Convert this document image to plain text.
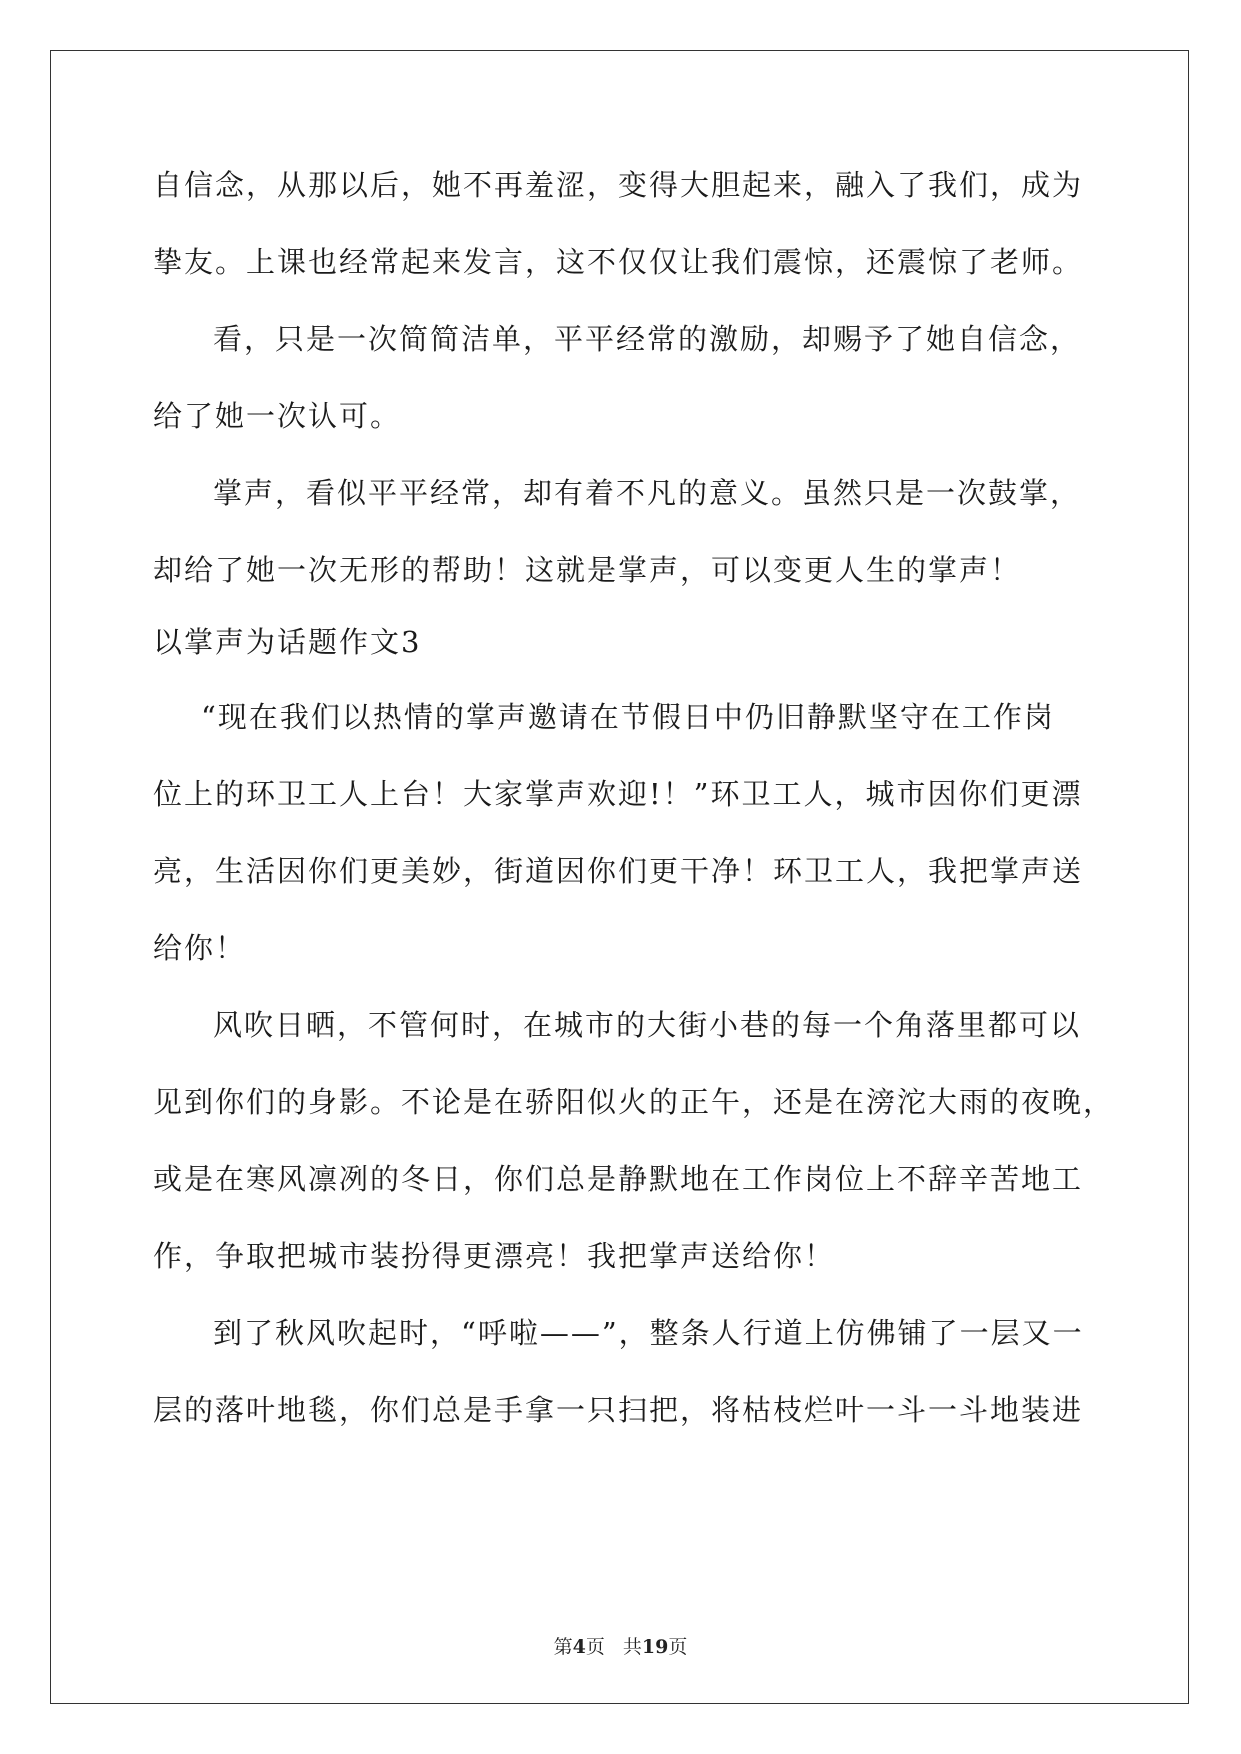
自信念，从那以后，她不再羞涩，变得大胆起来，融入了我们，成为
挚友。上课也经常起来发言，这不仅仅让我们震惊，还震惊了老师。
看，只是一次简简洁单，平平经常的激励，却赐予了她自信念，
给了她一次认可。
掌声，看似平平经常，却有着不凡的意义。虽然只是一次鼓掌，
却给了她一次无形的帮助！这就是掌声，可以变更人生的掌声！
以掌声为话题作文3
“现在我们以热情的掌声邀请在节假日中仍旧静默坚守在工作岗
位上的环卫工人上台！大家掌声欢迎!！”环卫工人，城市因你们更漂
亮，生活因你们更美妙，街道因你们更干净！环卫工人，我把掌声送
给你！
风吹日晒，不管何时，在城市的大街小巷的每一个角落里都可以
见到你们的身影。不论是在骄阳似火的正午，还是在滂沱大雨的夜晚，
或是在寒风凛冽的冬日，你们总是静默地在工作岗位上不辞辛苦地工
作，争取把城市装扮得更漂亮！我把掌声送给你！
到了秋风吹起时，“呼啦——”，整条人行道上仿佛铺了一层又一
层的落叶地毯，你们总是手拿一只扫把，将枯枝烂叶一斗一斗地装进
第4页 共19页
